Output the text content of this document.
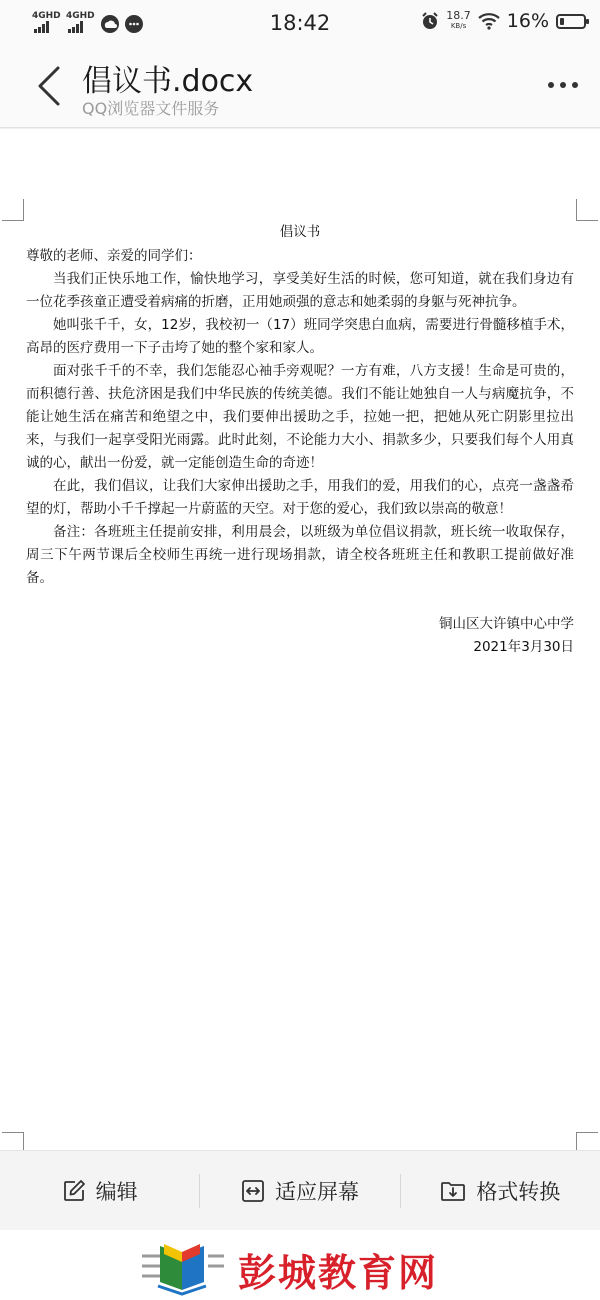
4GHD 4GHD	18:42	18.7
KB/s 16%
倡议书.docx
QQ浏览器文件服务
倡议书

尊敬的老师、亲爱的同学们：

当我们正快乐地工作，愉快地学习，享受美好生活的时候，您可知道，就在我们身边有一位花季孩童正遭受着病痛的折磨，正用她顽强的意志和她柔弱的身躯与死神抗争。

她叫张千千，女，12岁，我校初一（17）班同学突患白血病，需要进行骨髓移植手术，高昂的医疗费用一下子击垮了她的整个家和家人。

面对张千千的不幸，我们怎能忍心袖手旁观呢？一方有难，八方支援！生命是可贵的，而积德行善、扶危济困是我们中华民族的传统美德。我们不能让她独自一人与病魔抗争，不能让她生活在痛苦和绝望之中，我们要伸出援助之手，拉她一把，把她从死亡阴影里拉出来，与我们一起享受阳光雨露。此时此刻，不论能力大小、捐款多少，只要我们每个人用真诚的心，献出一份爱，就一定能创造生命的奇迹！

在此，我们倡议，让我们大家伸出援助之手，用我们的爱，用我们的心，点亮一盏盏希望的灯，帮助小千千撑起一片蔚蓝的天空。对于您的爱心，我们致以崇高的敬意！

备注：各班班主任提前安排，利用晨会，以班级为单位倡议捐款，班长统一收取保存，周三下午两节课后全校师生再统一进行现场捐款，请全校各班班主任和教职工提前做好准备。

铜山区大许镇中心中学

2021年3月30日

编辑	适应屏幕	格式转换
彭城教育网
